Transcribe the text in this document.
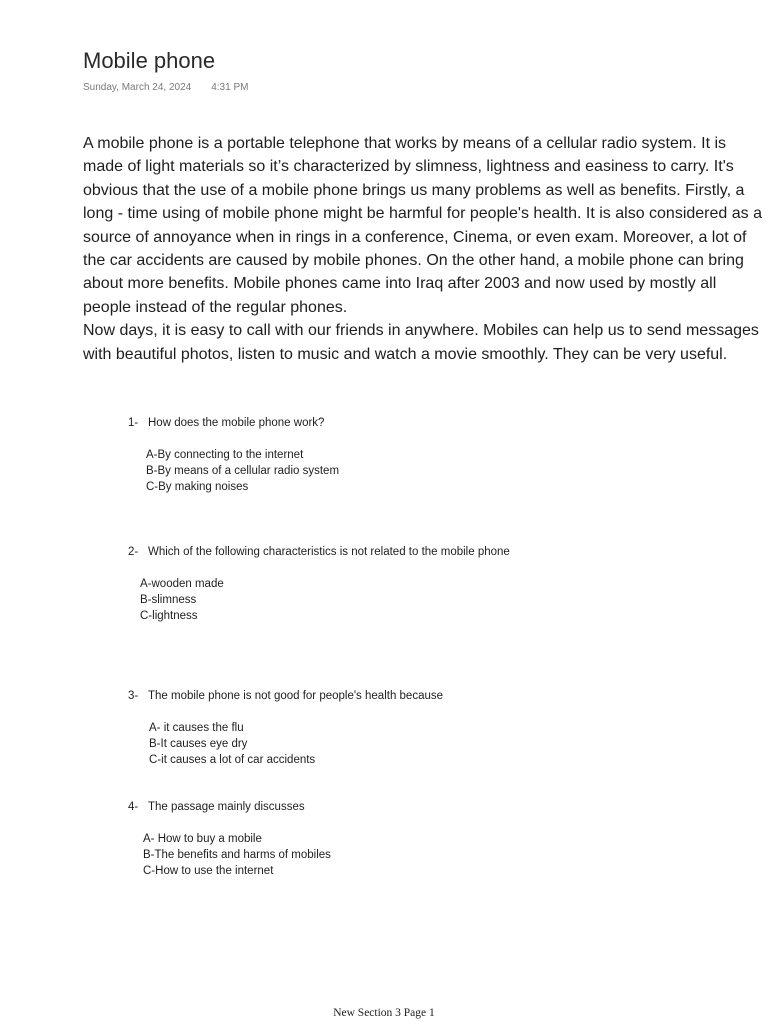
Mobile phone
Sunday, March 24, 2024 4:31 PM

A mobile phone is a portable telephone that works by means of a cellular radio system. It is made of light materials so it’s characterized by slimness, lightness and easiness to carry. It's obvious that the use of a mobile phone brings us many problems as well as benefits. Firstly, a long - time using of mobile phone might be harmful for people's health. It is also considered as a source of annoyance when in rings in a conference, Cinema, or even exam. Moreover, a lot of the car accidents are caused by mobile phones. On the other hand, a mobile phone can bring about more benefits. Mobile phones came into Iraq after 2003 and now used by mostly all people instead of the regular phones.

Now days, it is easy to call with our friends in anywhere. Mobiles can help us to send messages with beautiful photos, listen to music and watch a movie smoothly. They can be very useful.

1- How does the mobile phone work?
A-By connecting to the internet
B-By means of a cellular radio system
C-By making noises
2- Which of the following characteristics is not related to the mobile phone
A-wooden made
B-slimness
C-lightness
3- The mobile phone is not good for people's health because
A- it causes the flu
B-It causes eye dry
C-it causes a lot of car accidents
4- The passage mainly discusses
A- How to buy a mobile
B-The benefits and harms of mobiles
C-How to use the internet
New Section 3 Page 1
